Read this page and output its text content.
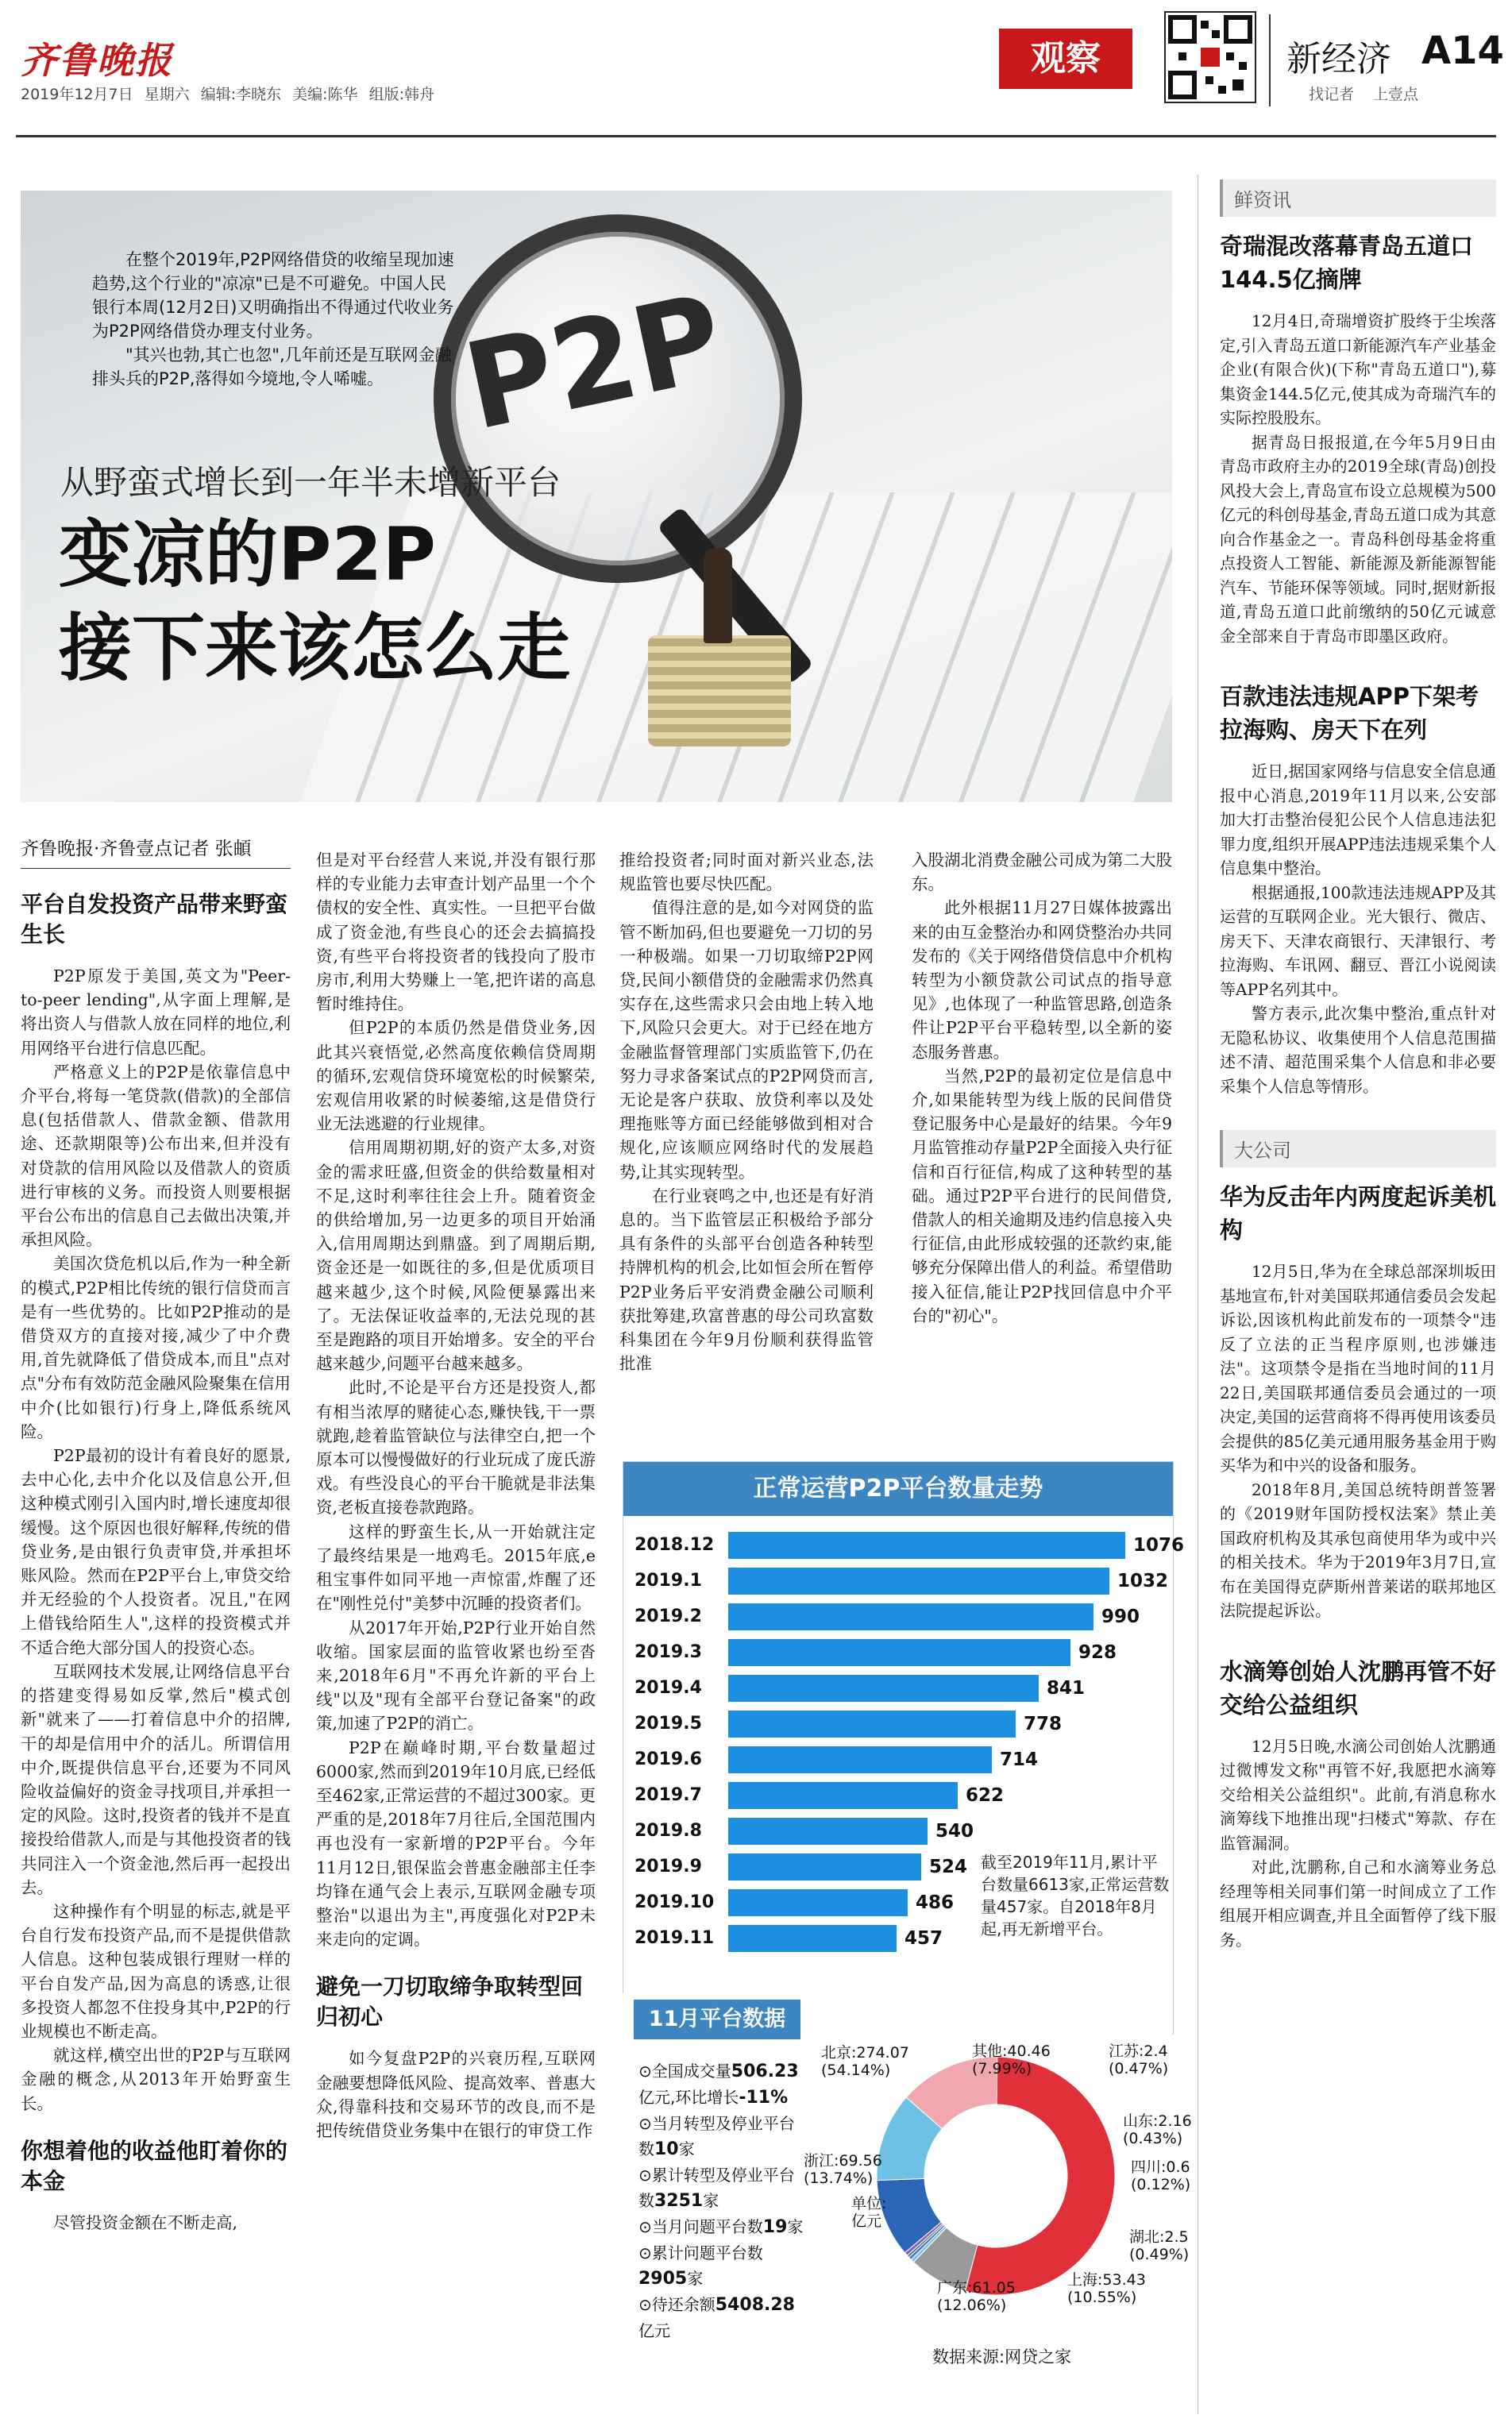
齐鲁晚报
2019年12月7日 星期六 编辑:李晓东 美编:陈华 组版:韩舟
观察	新经济 A14
找记者 上壹点
P2P

在整个2019年,P2P网络借贷的收缩呈现加速趋势,这个行业的"凉凉"已是不可避免。中国人民银行本周(12月2日)又明确指出不得通过代收业务为P2P网络借贷办理支付业务。

"其兴也勃,其亡也忽",几年前还是互联网金融排头兵的P2P,落得如今境地,令人唏嘘。

从野蛮式增长到一年半未增新平台
变凉的P2P
接下来该怎么走
齐鲁晚报·齐鲁壹点记者 张頔
平台自发投资产品带来野蛮生长

P2P原发于美国,英文为"Peer-to-peer lending",从字面上理解,是将出资人与借款人放在同样的地位,利用网络平台进行信息匹配。

严格意义上的P2P是依靠信息中介平台,将每一笔贷款(借款)的全部信息(包括借款人、借款金额、借款用途、还款期限等)公布出来,但并没有对贷款的信用风险以及借款人的资质进行审核的义务。而投资人则要根据平台公布出的信息自己去做出决策,并承担风险。

美国次贷危机以后,作为一种全新的模式,P2P相比传统的银行信贷而言是有一些优势的。比如P2P推动的是借贷双方的直接对接,减少了中介费用,首先就降低了借贷成本,而且"点对点"分布有效防范金融风险聚集在信用中介(比如银行)行身上,降低系统风险。

P2P最初的设计有着良好的愿景,去中心化,去中介化以及信息公开,但这种模式刚引入国内时,增长速度却很缓慢。这个原因也很好解释,传统的借贷业务,是由银行负责审贷,并承担坏账风险。然而在P2P平台上,审贷交给并无经验的个人投资者。况且,"在网上借钱给陌生人",这样的投资模式并不适合绝大部分国人的投资心态。

互联网技术发展,让网络信息平台的搭建变得易如反掌,然后"模式创新"就来了——打着信息中介的招牌,干的却是信用中介的活儿。所谓信用中介,既提供信息平台,还要为不同风险收益偏好的资金寻找项目,并承担一定的风险。这时,投资者的钱并不是直接投给借款人,而是与其他投资者的钱共同注入一个资金池,然后再一起投出去。

这种操作有个明显的标志,就是平台自行发布投资产品,而不是提供借款人信息。这种包装成银行理财一样的平台自发产品,因为高息的诱惑,让很多投资人都忽不住投身其中,P2P的行业规模也不断走高。

就这样,横空出世的P2P与互联网金融的概念,从2013年开始野蛮生长。

你想着他的收益他盯着你的本金

尽管投资金额在不断走高,

但是对平台经营人来说,并没有银行那样的专业能力去审查计划产品里一个个债权的安全性、真实性。一旦把平台做成了资金池,有些良心的还会去搞搞投资,有些平台将投资者的钱投向了股市房市,利用大势赚上一笔,把许诺的高息暂时维持住。

但P2P的本质仍然是借贷业务,因此其兴衰悟觉,必然高度依赖信贷周期的循环,宏观信贷环境宽松的时候繁荣,宏观信用收紧的时候萎缩,这是借贷行业无法逃避的行业规律。

信用周期初期,好的资产太多,对资金的需求旺盛,但资金的供给数量相对不足,这时利率往往会上升。随着资金的供给增加,另一边更多的项目开始涌入,信用周期达到鼎盛。到了周期后期,资金还是一如既往的多,但是优质项目越来越少,这个时候,风险便暴露出来了。无法保证收益率的,无法兑现的甚至是跑路的项目开始增多。安全的平台越来越少,问题平台越来越多。

此时,不论是平台方还是投资人,都有相当浓厚的赌徒心态,赚快钱,干一票就跑,趁着监管缺位与法律空白,把一个原本可以慢慢做好的行业玩成了庞氏游戏。有些没良心的平台干脆就是非法集资,老板直接卷款跑路。

这样的野蛮生长,从一开始就注定了最终结果是一地鸡毛。2015年底,e租宝事件如同平地一声惊雷,炸醒了还在"刚性兑付"美梦中沉睡的投资者们。

从2017年开始,P2P行业开始自然收缩。国家层面的监管收紧也纷至沓来,2018年6月"不再允许新的平台上线"以及"现有全部平台登记备案"的政策,加速了P2P的消亡。

P2P在巅峰时期,平台数量超过6000家,然而到2019年10月底,已经低至462家,正常运营的不超过300家。更严重的是,2018年7月往后,全国范围内再也没有一家新增的P2P平台。今年11月12日,银保监会普惠金融部主任李均锋在通气会上表示,互联网金融专项整治"以退出为主",再度强化对P2P未来走向的定调。

避免一刀切取缔争取转型回归初心

如今复盘P2P的兴衰历程,互联网金融要想降低风险、提高效率、普惠大众,得靠科技和交易环节的改良,而不是把传统借贷业务集中在银行的审贷工作

推给投资者;同时面对新兴业态,法规监管也要尽快匹配。

值得注意的是,如今对网贷的监管不断加码,但也要避免一刀切的另一种极端。如果一刀切取缔P2P网贷,民间小额借贷的金融需求仍然真实存在,这些需求只会由地上转入地下,风险只会更大。对于已经在地方金融监督管理部门实质监管下,仍在努力寻求备案试点的P2P网贷而言,无论是客户获取、放贷利率以及处理拖账等方面已经能够做到相对合规化,应该顺应网络时代的发展趋势,让其实现转型。

在行业衰鸣之中,也还是有好消息的。当下监管层正积极给予部分具有条件的头部平台创造各种转型持牌机构的机会,比如恒会所在暂停P2P业务后平安消费金融公司顺利获批筹建,玖富普惠的母公司玖富数科集团在今年9月份顺利获得监管批准

入股湖北消费金融公司成为第二大股东。

此外根据11月27日媒体披露出来的由互金整治办和网贷整治办共同发布的《关于网络借贷信息中介机构转型为小额贷款公司试点的指导意见》,也体现了一种监管思路,创造条件让P2P平台平稳转型,以全新的姿态服务普惠。

当然,P2P的最初定位是信息中介,如果能转型为线上版的民间借贷登记服务中心是最好的结果。今年9月监管推动存量P2P全面接入央行征信和百行征信,构成了这种转型的基础。通过P2P平台进行的民间借贷,借款人的相关逾期及违约信息接入央行征信,由此形成较强的还款约束,能够充分保障出借人的利益。希望借助接入征信,能让P2P找回信息中介平台的"初心"。

正常运营P2P平台数量走势
2018.12	1076
2019.1	1032
2019.2	990
2019.3	928
2019.4	841
2019.5	778
2019.6	714
2019.7	622
2019.8	540
2019.9	524
2019.10	486
2019.11	457
截至2019年11月,累计平台数量6613家,正常运营数量457家。自2018年8月起,再无新增平台。
11月平台数据
⊙全国成交量506.23亿元,环比增长-11%
⊙当月转型及停业平台数10家
⊙累计转型及停业平台数3251家
⊙当月问题平台数19家
⊙累计问题平台数2905家
⊙待还余额5408.28亿元
单位:
亿元
北京:274.07
(54.14%)
其他:40.46
(7.99%)
江苏:2.4
(0.47%)
山东:2.16
(0.43%)
四川:0.6
(0.12%)
湖北:2.5
(0.49%)
上海:53.43
(10.55%)
广东:61.05
(12.06%)
浙江:69.56
(13.74%)
数据来源:网贷之家
鲜资讯
奇瑞混改落幕青岛五道口144.5亿摘牌

12月4日,奇瑞增资扩股终于尘埃落定,引入青岛五道口新能源汽车产业基金企业(有限合伙)(下称"青岛五道口"),募集资金144.5亿元,使其成为奇瑞汽车的实际控股股东。

据青岛日报报道,在今年5月9日由青岛市政府主办的2019全球(青岛)创投风投大会上,青岛宣布设立总规模为500亿元的科创母基金,青岛五道口成为其意向合作基金之一。青岛科创母基金将重点投资人工智能、新能源及新能源智能汽车、节能环保等领域。同时,据财新报道,青岛五道口此前缴纳的50亿元诚意金全部来自于青岛市即墨区政府。

百款违法违规APP下架考拉海购、房天下在列

近日,据国家网络与信息安全信息通报中心消息,2019年11月以来,公安部加大打击整治侵犯公民个人信息违法犯罪力度,组织开展APP违法违规采集个人信息集中整治。

根据通报,100款违法违规APP及其运营的互联网企业。光大银行、微店、房天下、天津农商银行、天津银行、考拉海购、车讯网、翻豆、晋江小说阅读等APP名列其中。

警方表示,此次集中整治,重点针对无隐私协议、收集使用个人信息范围描述不清、超范围采集个人信息和非必要采集个人信息等情形。

大公司
华为反击年内两度起诉美机构

12月5日,华为在全球总部深圳坂田基地宣布,针对美国联邦通信委员会发起诉讼,因该机构此前发布的一项禁令"违反了立法的正当程序原则,也涉嫌违法"。这项禁令是指在当地时间的11月22日,美国联邦通信委员会通过的一项决定,美国的运营商将不得再使用该委员会提供的85亿美元通用服务基金用于购买华为和中兴的设备和服务。

2018年8月,美国总统特朗普签署的《2019财年国防授权法案》禁止美国政府机构及其承包商使用华为或中兴的相关技术。华为于2019年3月7日,宣布在美国得克萨斯州普莱诺的联邦地区法院提起诉讼。

水滴筹创始人沈鹏再管不好交给公益组织

12月5日晚,水滴公司创始人沈鹏通过微博发文称"再管不好,我愿把水滴筹交给相关公益组织"。此前,有消息称水滴筹线下地推出现"扫楼式"筹款、存在监管漏洞。

对此,沈鹏称,自己和水滴筹业务总经理等相关同事们第一时间成立了工作组展开相应调查,并且全面暂停了线下服务。
